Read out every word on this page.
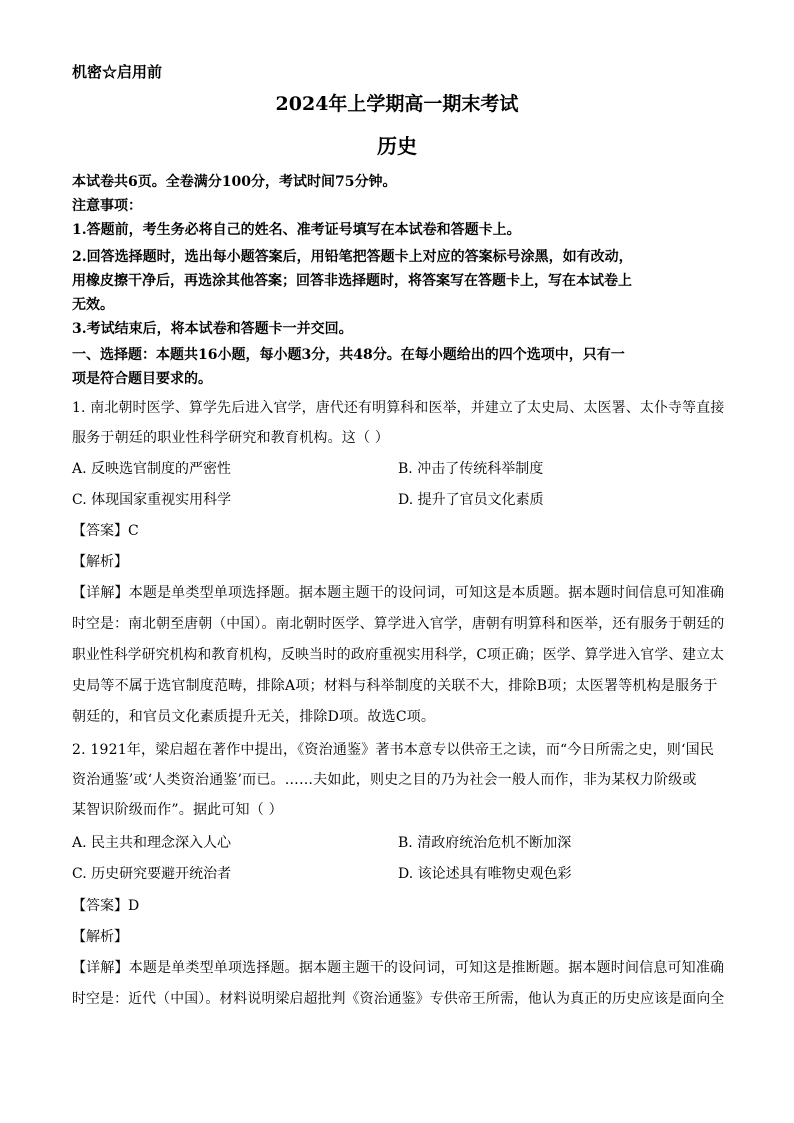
机密☆启用前
2024年上学期高一期末考试
历史
本试卷共6页。全卷满分100分，考试时间75分钟。
注意事项：
1.答题前，考生务必将自己的姓名、准考证号填写在本试卷和答题卡上。
2.回答选择题时，选出每小题答案后，用铅笔把答题卡上对应的答案标号涂黑，如有改动，
用橡皮擦干净后，再选涂其他答案；回答非选择题时，将答案写在答题卡上，写在本试卷上
无效。
3.考试结束后，将本试卷和答题卡一并交回。
一、选择题：本题共16小题，每小题3分，共48分。在每小题给出的四个选项中，只有一
项是符合题目要求的。
1. 南北朝时医学、算学先后进入官学，唐代还有明算科和医举，并建立了太史局、太医署、太仆寺等直接
服务于朝廷的职业性科学研究和教育机构。这（ ）
A. 反映选官制度的严密性	B. 冲击了传统科举制度
C. 体现国家重视实用科学	D. 提升了官员文化素质
【答案】C
【解析】
【详解】本题是单类型单项选择题。据本题主题干的设问词，可知这是本质题。据本题时间信息可知准确
时空是：南北朝至唐朝（中国）。南北朝时医学、算学进入官学，唐朝有明算科和医举，还有服务于朝廷的
职业性科学研究机构和教育机构，反映当时的政府重视实用科学，C项正确；医学、算学进入官学、建立太
史局等不属于选官制度范畴，排除A项；材料与科举制度的关联不大，排除B项；太医署等机构是服务于
朝廷的，和官员文化素质提升无关，排除D项。故选C项。
2. 1921年，梁启超在著作中提出，《资治通鉴》著书本意专以供帝王之读，而“今日所需之史，则‘国民
资治通鉴’或‘人类资治通鉴’而已。……夫如此，则史之目的乃为社会一般人而作，非为某权力阶级或
某智识阶级而作”。据此可知（ ）
A. 民主共和理念深入人心	B. 清政府统治危机不断加深
C. 历史研究要避开统治者	D. 该论述具有唯物史观色彩
【答案】D
【解析】
【详解】本题是单类型单项选择题。据本题主题干的设问词，可知这是推断题。据本题时间信息可知准确
时空是：近代（中国）。材料说明梁启超批判《资治通鉴》专供帝王所需，他认为真正的历史应该是面向全
